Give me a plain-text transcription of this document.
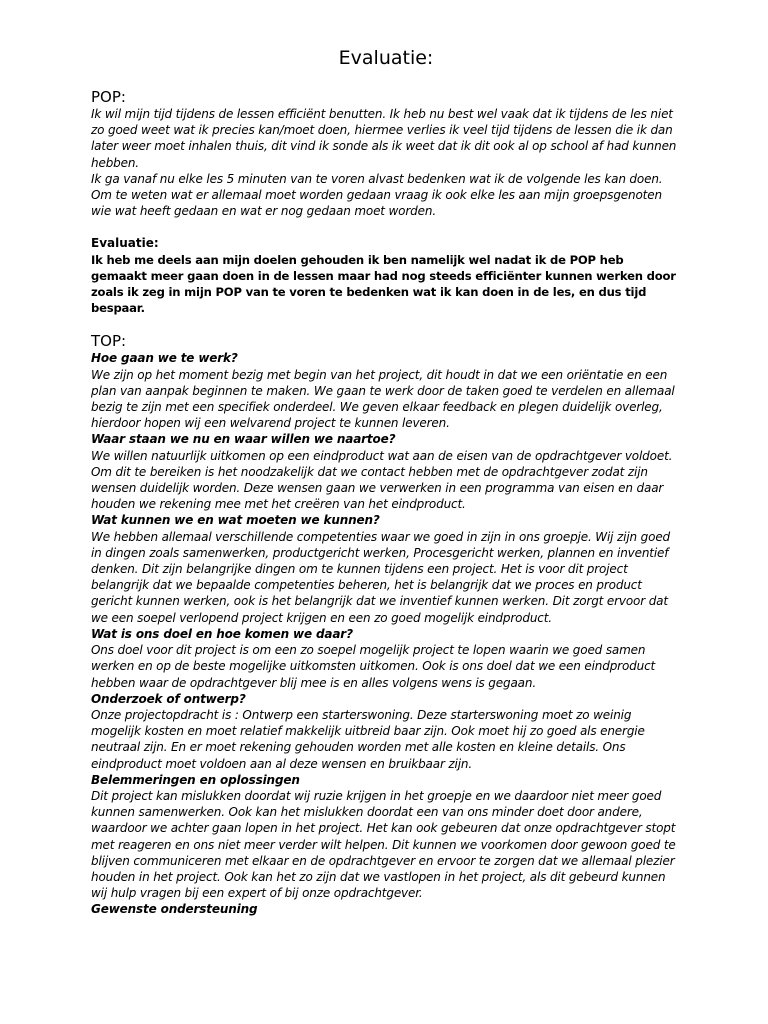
Evaluatie:
POP:

Ik wil mijn tijd tijdens de lessen efficiënt benutten. Ik heb nu best wel vaak dat ik tijdens de les niet zo goed weet wat ik precies kan/moet doen, hiermee verlies ik veel tijd tijdens de lessen die ik dan later weer moet inhalen thuis, dit vind ik sonde als ik weet dat ik dit ook al op school af had kunnen hebben.

Ik ga vanaf nu elke les 5 minuten van te voren alvast bedenken wat ik de volgende les kan doen. Om te weten wat er allemaal moet worden gedaan vraag ik ook elke les aan mijn groepsgenoten wie wat heeft gedaan en wat er nog gedaan moet worden.

Evaluatie:

Ik heb me deels aan mijn doelen gehouden ik ben namelijk wel nadat ik de POP heb gemaakt meer gaan doen in de lessen maar had nog steeds efficiënter kunnen werken door zoals ik zeg in mijn POP van te voren te bedenken wat ik kan doen in de les, en dus tijd bespaar.

TOP:

Hoe gaan we te werk?

We zijn op het moment bezig met begin van het project, dit houdt in dat we een oriëntatie en een plan van aanpak beginnen te maken. We gaan te werk door de taken goed te verdelen en allemaal bezig te zijn met een specifiek onderdeel. We geven elkaar feedback en plegen duidelijk overleg, hierdoor hopen wij een welvarend project te kunnen leveren.

Waar staan we nu en waar willen we naartoe?

We willen natuurlijk uitkomen op een eindproduct wat aan de eisen van de opdrachtgever voldoet. Om dit te bereiken is het noodzakelijk dat we contact hebben met de opdrachtgever zodat zijn wensen duidelijk worden. Deze wensen gaan we verwerken in een programma van eisen en daar houden we rekening mee met het creëren van het eindproduct.

Wat kunnen we en wat moeten we kunnen?

We hebben allemaal verschillende competenties waar we goed in zijn in ons groepje. Wij zijn goed in dingen zoals samenwerken, productgericht werken, Procesgericht werken, plannen en inventief denken. Dit zijn belangrijke dingen om te kunnen tijdens een project. Het is voor dit project belangrijk dat we bepaalde competenties beheren, het is belangrijk dat we proces en product gericht kunnen werken, ook is het belangrijk dat we inventief kunnen werken. Dit zorgt ervoor dat we een soepel verlopend project krijgen en een zo goed mogelijk eindproduct.

Wat is ons doel en hoe komen we daar?

Ons doel voor dit project is om een zo soepel mogelijk project te lopen waarin we goed samen werken en op de beste mogelijke uitkomsten uitkomen. Ook is ons doel dat we een eindproduct hebben waar de opdrachtgever blij mee is en alles volgens wens is gegaan.

Onderzoek of ontwerp?

Onze projectopdracht is : Ontwerp een starterswoning. Deze starterswoning moet zo weinig mogelijk kosten en moet relatief makkelijk uitbreid baar zijn. Ook moet hij zo goed als energie neutraal zijn. En er moet rekening gehouden worden met alle kosten en kleine details. Ons eindproduct moet voldoen aan al deze wensen en bruikbaar zijn.

Belemmeringen en oplossingen

Dit project kan mislukken doordat wij ruzie krijgen in het groepje en we daardoor niet meer goed kunnen samenwerken. Ook kan het mislukken doordat een van ons minder doet door andere, waardoor we achter gaan lopen in het project. Het kan ook gebeuren dat onze opdrachtgever stopt met reageren en ons niet meer verder wilt helpen. Dit kunnen we voorkomen door gewoon goed te blijven communiceren met elkaar en de opdrachtgever en ervoor te zorgen dat we allemaal plezier houden in het project. Ook kan het zo zijn dat we vastlopen in het project, als dit gebeurd kunnen wij hulp vragen bij een expert of bij onze opdrachtgever.

Gewenste ondersteuning
